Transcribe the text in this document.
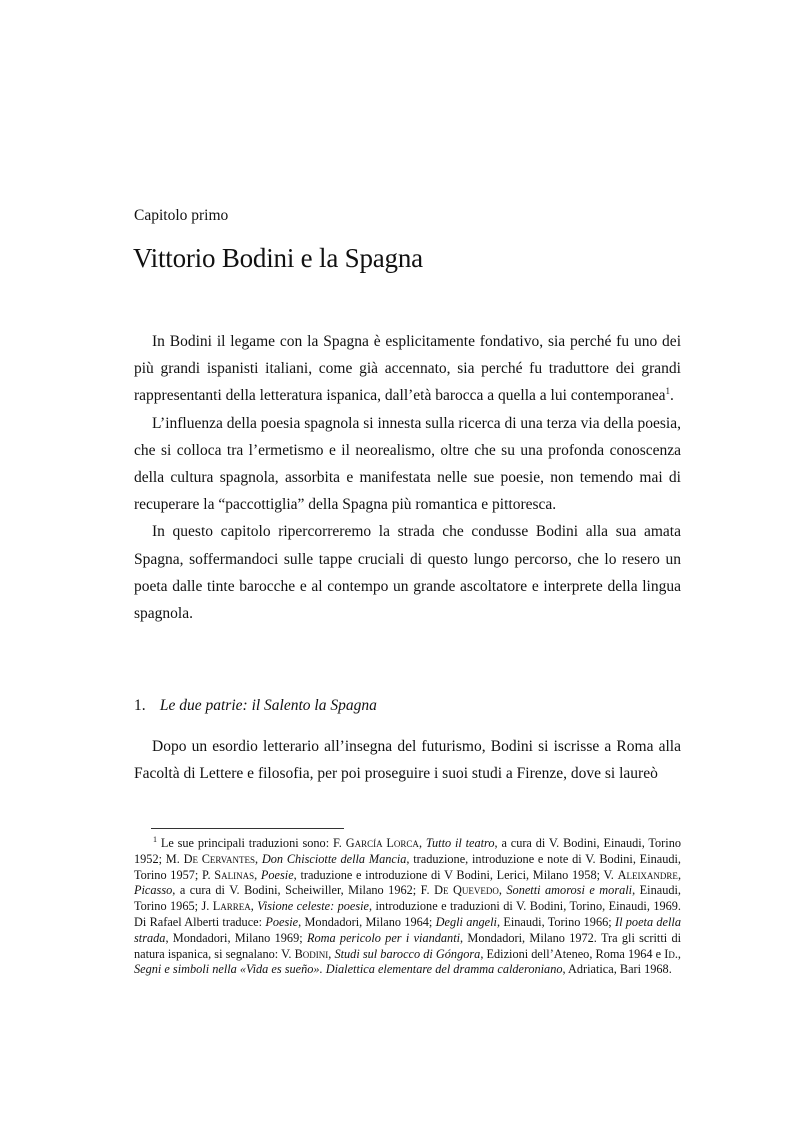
Capitolo primo
Vittorio Bodini e la Spagna

In Bodini il legame con la Spagna è esplicitamente fondativo, sia perché fu uno dei più grandi ispanisti italiani, come già accennato, sia perché fu traduttore dei grandi rappresentanti della letteratura ispanica, dall’età barocca a quella a lui contemporanea$^1$.

L’influenza della poesia spagnola si innesta sulla ricerca di una terza via della poesia, che si colloca tra l’ermetismo e il neorealismo, oltre che su una profonda conoscenza della cultura spagnola, assorbita e manifestata nelle sue poesie, non temendo mai di recuperare la “paccottiglia” della Spagna più romantica e pittoresca.

In questo capitolo ripercorreremo la strada che condusse Bodini alla sua amata Spagna, soffermandoci sulle tappe cruciali di questo lungo percorso, che lo resero un poeta dalle tinte barocche e al contempo un grande ascoltatore e interprete della lingua spagnola.

1. Le due patrie: il Salento la Spagna

Dopo un esordio letterario all’insegna del futurismo, Bodini si iscrisse a Roma alla Facoltà di Lettere e filosofia, per poi proseguire i suoi studi a Firenze, dove si laureò

$^1$ Le sue principali traduzioni sono: F. García Lorca, Tutto il teatro, a cura di V. Bodini, Einaudi, Torino 1952; M. De Cervantes, Don Chisciotte della Mancia, traduzione, introduzione e note di V. Bodini, Einaudi, Torino 1957; P. Salinas, Poesie, traduzione e introduzione di V Bodini, Lerici, Milano 1958; V. Aleixandre, Picasso, a cura di V. Bodini, Scheiwiller, Milano 1962; F. De Quevedo, Sonetti amorosi e morali, Einaudi, Torino 1965; J. Larrea, Visione celeste: poesie, introduzione e traduzioni di V. Bodini, Torino, Einaudi, 1969. Di Rafael Alberti traduce: Poesie, Mondadori, Milano 1964; Degli angeli, Einaudi, Torino 1966; Il poeta della strada, Mondadori, Milano 1969; Roma pericolo per i viandanti, Mondadori, Milano 1972. Tra gli scritti di natura ispanica, si segnalano: V. Bodini, Studi sul barocco di Góngora, Edizioni dell’Ateneo, Roma 1964 e Id., Segni e simboli nella «Vida es sueño». Dialettica elementare del dramma calderoniano, Adriatica, Bari 1968.
